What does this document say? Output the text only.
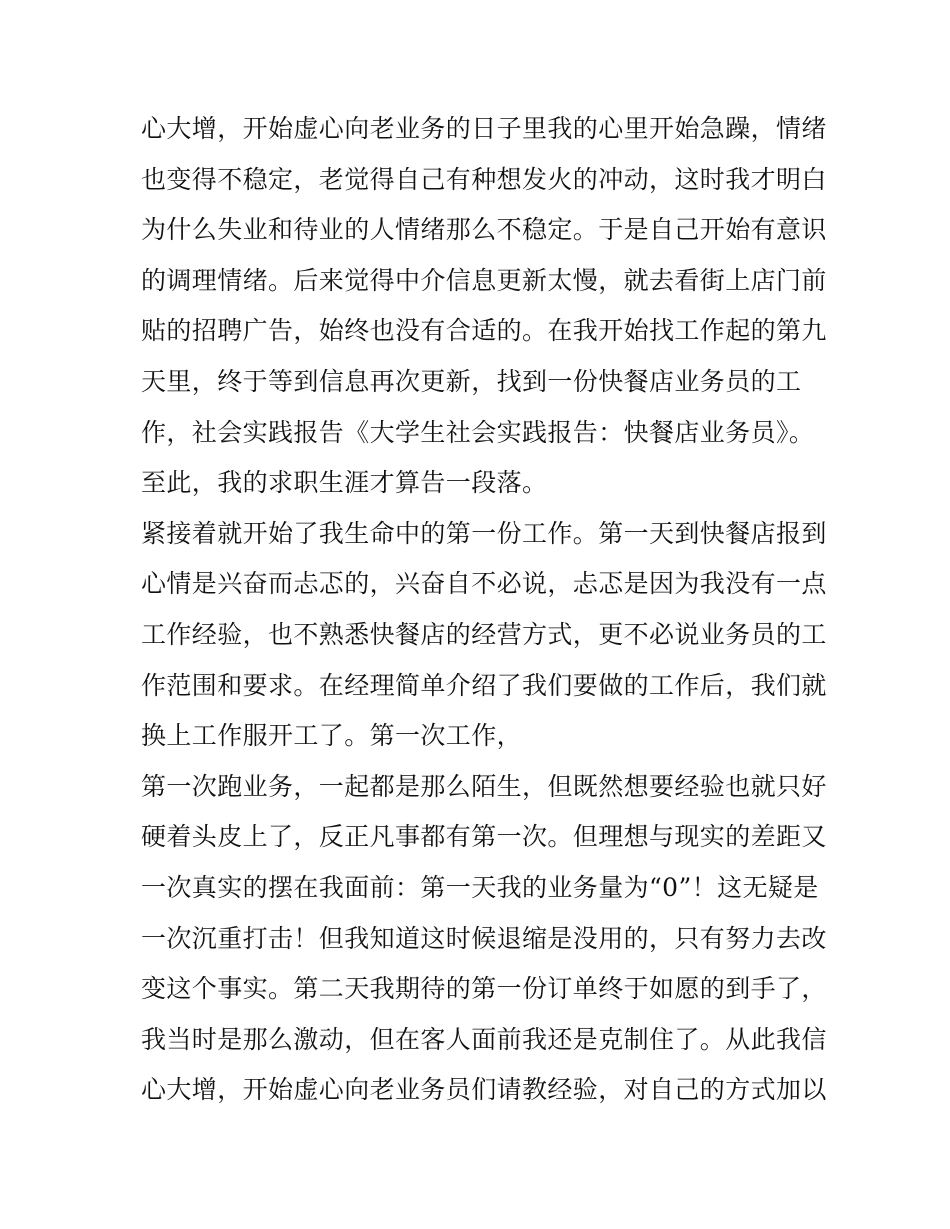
心大增，开始虚心向老业务的日子里我的心里开始急躁，情绪
也变得不稳定，老觉得自己有种想发火的冲动，这时我才明白
为什么失业和待业的人情绪那么不稳定。于是自己开始有意识
的调理情绪。后来觉得中介信息更新太慢，就去看街上店门前
贴的招聘广告，始终也没有合适的。在我开始找工作起的第九
天里，终于等到信息再次更新，找到一份快餐店业务员的工
作，社会实践报告《大学生社会实践报告：快餐店业务员》。
至此，我的求职生涯才算告一段落。
紧接着就开始了我生命中的第一份工作。第一天到快餐店报到
心情是兴奋而忐忑的，兴奋自不必说，忐忑是因为我没有一点
工作经验，也不熟悉快餐店的经营方式，更不必说业务员的工
作范围和要求。在经理简单介绍了我们要做的工作后，我们就
换上工作服开工了。第一次工作，
第一次跑业务，一起都是那么陌生，但既然想要经验也就只好
硬着头皮上了，反正凡事都有第一次。但理想与现实的差距又
一次真实的摆在我面前：第一天我的业务量为“0”！这无疑是
一次沉重打击！但我知道这时候退缩是没用的，只有努力去改
变这个事实。第二天我期待的第一份订单终于如愿的到手了，
我当时是那么激动，但在客人面前我还是克制住了。从此我信
心大增，开始虚心向老业务员们请教经验，对自己的方式加以
